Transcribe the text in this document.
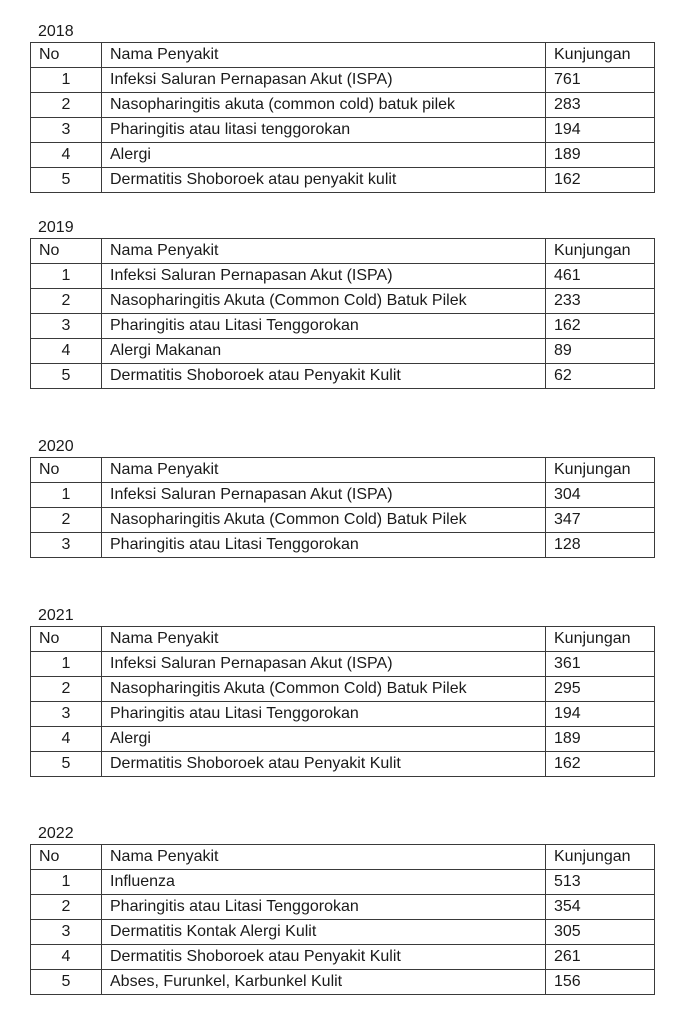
2018
No	Nama Penyakit	Kunjungan
1	Infeksi Saluran Pernapasan Akut (ISPA)	761
2	Nasopharingitis akuta (common cold) batuk pilek	283
3	Pharingitis atau litasi tenggorokan	194
4	Alergi	189
5	Dermatitis Shoboroek atau penyakit kulit	162
2019
No	Nama Penyakit	Kunjungan
1	Infeksi Saluran Pernapasan Akut (ISPA)	461
2	Nasopharingitis Akuta (Common Cold) Batuk Pilek	233
3	Pharingitis atau Litasi Tenggorokan	162
4	Alergi Makanan	89
5	Dermatitis Shoboroek atau Penyakit Kulit	62
2020
No	Nama Penyakit	Kunjungan
1	Infeksi Saluran Pernapasan Akut (ISPA)	304
2	Nasopharingitis Akuta (Common Cold) Batuk Pilek	347
3	Pharingitis atau Litasi Tenggorokan	128
2021
No	Nama Penyakit	Kunjungan
1	Infeksi Saluran Pernapasan Akut (ISPA)	361
2	Nasopharingitis Akuta (Common Cold) Batuk Pilek	295
3	Pharingitis atau Litasi Tenggorokan	194
4	Alergi	189
5	Dermatitis Shoboroek atau Penyakit Kulit	162
2022
No	Nama Penyakit	Kunjungan
1	Influenza	513
2	Pharingitis atau Litasi Tenggorokan	354
3	Dermatitis Kontak Alergi Kulit	305
4	Dermatitis Shoboroek atau Penyakit Kulit	261
5	Abses, Furunkel, Karbunkel Kulit	156
